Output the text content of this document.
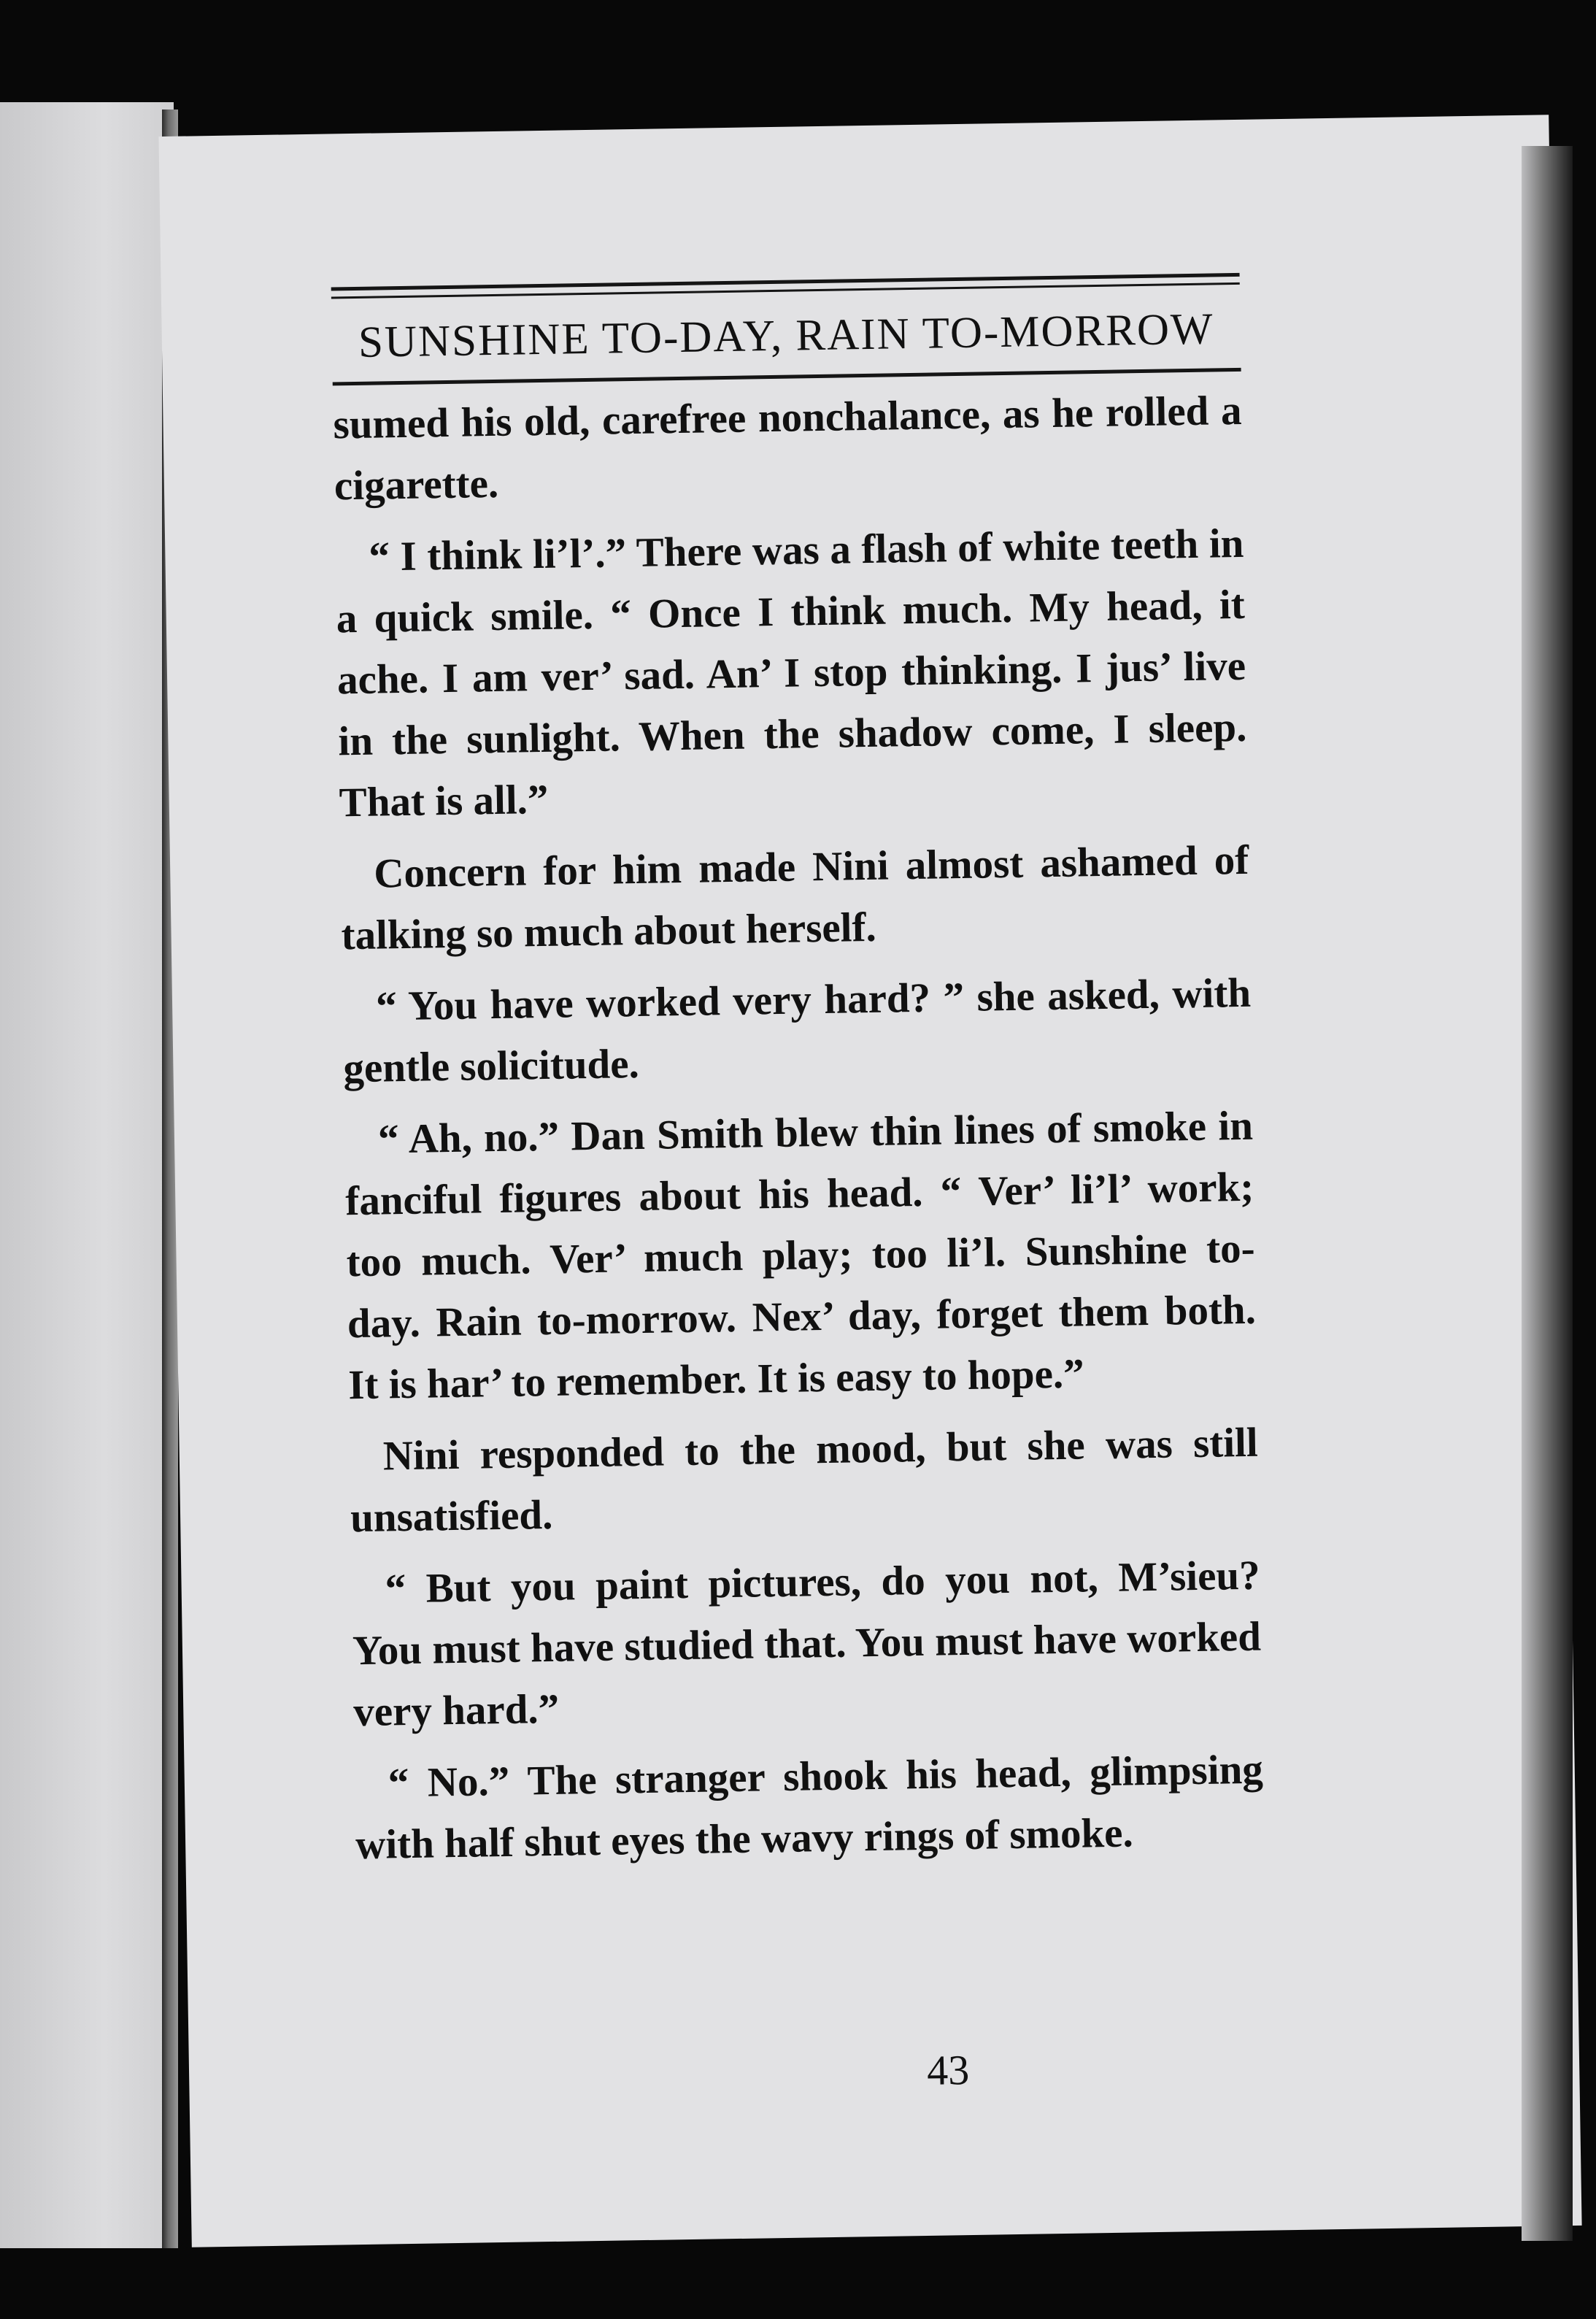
SUNSHINE TO-DAY, RAIN TO-MORROW

sumed his old, carefree nonchalance, as he rolled a cigarette.

“ I think li’l’.” There was a flash of white teeth in a quick smile. “ Once I think much. My head, it ache. I am ver’ sad. An’ I stop thinking. I jus’ live in the sunlight. When the shadow come, I sleep. That is all.”

Concern for him made Nini almost ashamed of talking so much about herself.

“ You have worked very hard? ” she asked, with gentle solicitude.

“ Ah, no.” Dan Smith blew thin lines of smoke in fanciful figures about his head. “ Ver’ li’l’ work; too much. Ver’ much play; too li’l. Sunshine to-day. Rain to-morrow. Nex’ day, forget them both. It is har’ to remember. It is easy to hope.”

Nini responded to the mood, but she was still unsatisfied.

“ But you paint pictures, do you not, M’sieu? You must have studied that. You must have worked very hard.”

“ No.” The stranger shook his head, glimpsing with half shut eyes the wavy rings of smoke.

43
